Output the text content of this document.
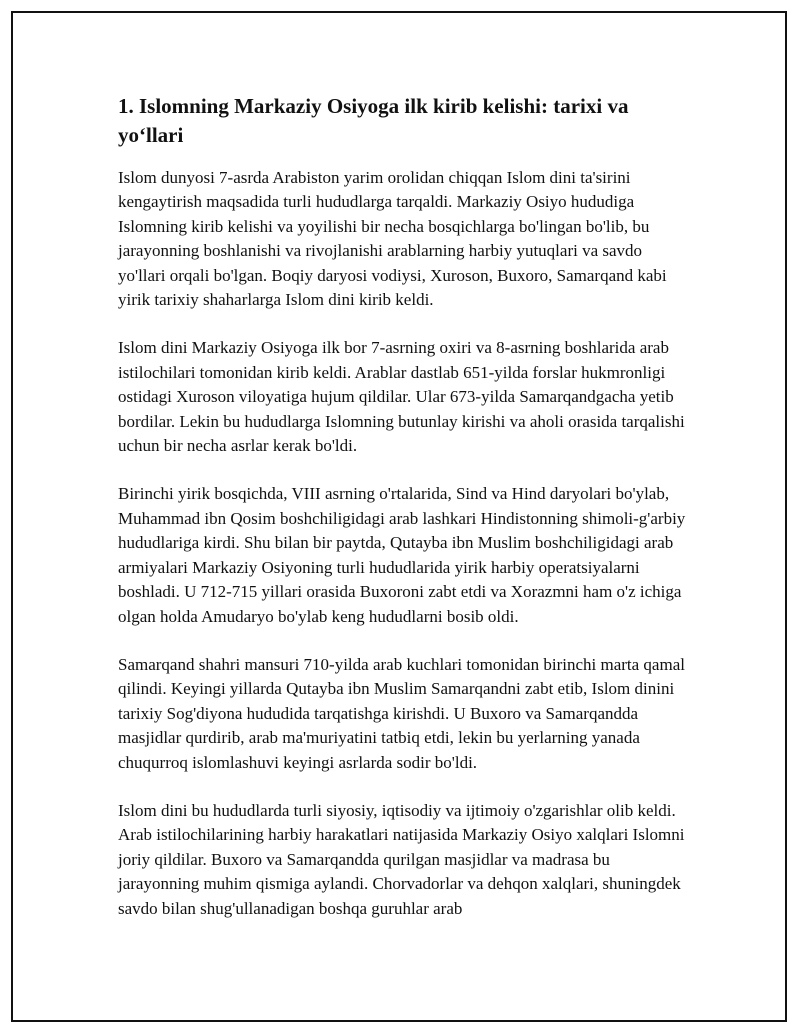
1. Islomning Markaziy Osiyoga ilk kirib kelishi: tarixi va yo‘llari

Islom dunyosi 7-asrda Arabiston yarim orolidan chiqqan Islom dini ta'sirini kengaytirish maqsadida turli hududlarga tarqaldi. Markaziy Osiyo hududiga Islomning kirib kelishi va yoyilishi bir necha bosqichlarga bo'lingan bo'lib, bu jarayonning boshlanishi va rivojlanishi arablarning harbiy yutuqlari va savdo yo'llari orqali bo'lgan. Boqiy daryosi vodiysi, Xuroson, Buxoro, Samarqand kabi yirik tarixiy shaharlarga Islom dini kirib keldi.

Islom dini Markaziy Osiyoga ilk bor 7-asrning oxiri va 8-asrning boshlarida arab istilochilari tomonidan kirib keldi. Arablar dastlab 651-yilda forslar hukmronligi ostidagi Xuroson viloyatiga hujum qildilar. Ular 673-yilda Samarqandgacha yetib bordilar. Lekin bu hududlarga Islomning butunlay kirishi va aholi orasida tarqalishi uchun bir necha asrlar kerak bo'ldi.

Birinchi yirik bosqichda, VIII asrning o'rtalarida, Sind va Hind daryolari bo'ylab, Muhammad ibn Qosim boshchiligidagi arab lashkari Hindistonning shimoli-g'arbiy hududlariga kirdi. Shu bilan bir paytda, Qutayba ibn Muslim boshchiligidagi arab armiyalari Markaziy Osiyoning turli hududlarida yirik harbiy operatsiyalarni boshladi. U 712-715 yillari orasida Buxoroni zabt etdi va Xorazmni ham o'z ichiga olgan holda Amudaryo bo'ylab keng hududlarni bosib oldi.

Samarqand shahri mansuri 710-yilda arab kuchlari tomonidan birinchi marta qamal qilindi. Keyingi yillarda Qutayba ibn Muslim Samarqandni zabt etib, Islom dinini tarixiy Sog'diyona hududida tarqatishga kirishdi. U Buxoro va Samarqandda masjidlar qurdirib, arab ma'muriyatini tatbiq etdi, lekin bu yerlarning yanada chuqurroq islomlashuvi keyingi asrlarda sodir bo'ldi.

Islom dini bu hududlarda turli siyosiy, iqtisodiy va ijtimoiy o'zgarishlar olib keldi. Arab istilochilarining harbiy harakatlari natijasida Markaziy Osiyo xalqlari Islomni joriy qildilar. Buxoro va Samarqandda qurilgan masjidlar va madrasa bu jarayonning muhim qismiga aylandi. Chorvadorlar va dehqon xalqlari, shuningdek savdo bilan shug'ullanadigan boshqa guruhlar arab
